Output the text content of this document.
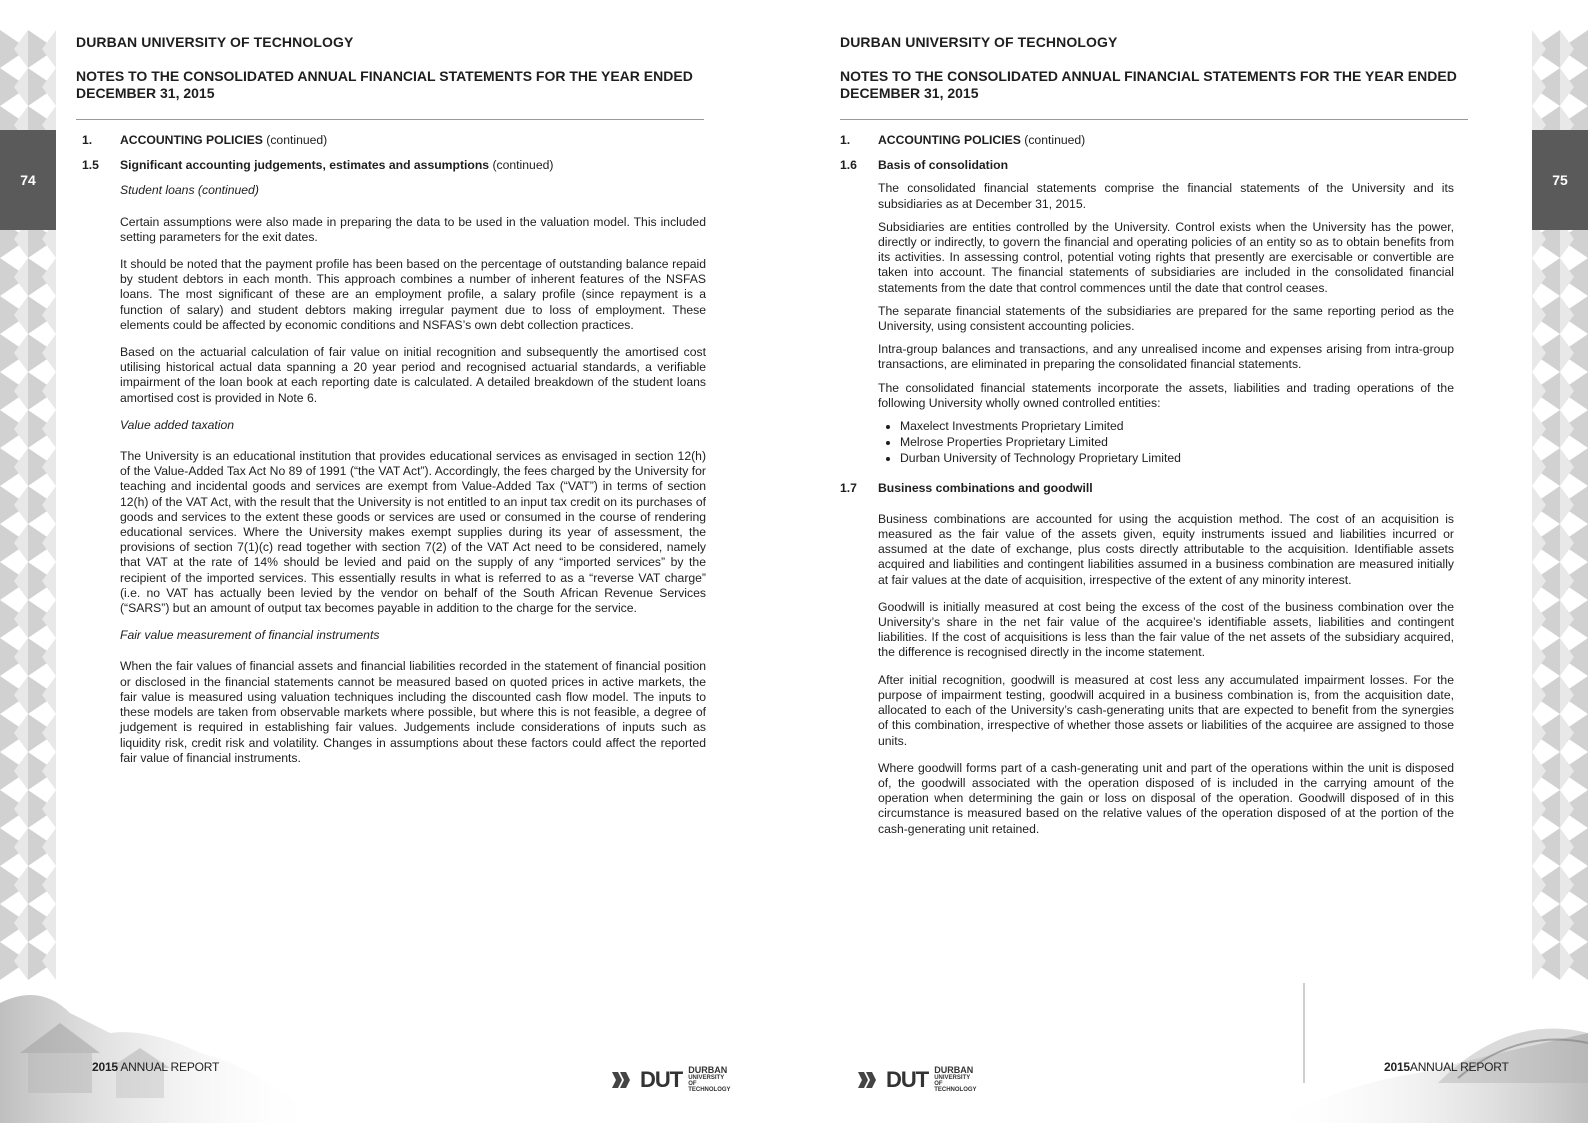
74

DURBAN UNIVERSITY OF TECHNOLOGY

NOTES TO THE CONSOLIDATED ANNUAL FINANCIAL STATEMENTS FOR THE YEAR ENDED DECEMBER 31, 2015

1.	ACCOUNTING POLICIES (continued)
1.5	Significant accounting judgements, estimates and assumptions (continued)
Student loans (continued)

Certain assumptions were also made in preparing the data to be used in the valuation model. This included setting parameters for the exit dates.

It should be noted that the payment profile has been based on the percentage of outstanding balance repaid by student debtors in each month. This approach combines a number of inherent features of the NSFAS loans. The most significant of these are an employment profile, a salary profile (since repayment is a function of salary) and student debtors making irregular payment due to loss of employment. These elements could be affected by economic conditions and NSFAS’s own debt collection practices.

Based on the actuarial calculation of fair value on initial recognition and subsequently the amortised cost utilising historical actual data spanning a 20 year period and recognised actuarial standards, a verifiable impairment of the loan book at each reporting date is calculated. A detailed breakdown of the student loans amortised cost is provided in Note 6.

Value added taxation

The University is an educational institution that provides educational services as envisaged in section 12(h) of the Value-Added Tax Act No 89 of 1991 (“the VAT Act”). Accordingly, the fees charged by the University for teaching and incidental goods and services are exempt from Value-Added Tax (“VAT”) in terms of section 12(h) of the VAT Act, with the result that the University is not entitled to an input tax credit on its purchases of goods and services to the extent these goods or services are used or consumed in the course of rendering educational services. Where the University makes exempt supplies during its year of assessment, the provisions of section 7(1)(c) read together with section 7(2) of the VAT Act need to be considered, namely that VAT at the rate of 14% should be levied and paid on the supply of any “imported services” by the recipient of the imported services. This essentially results in what is referred to as a “reverse VAT charge” (i.e. no VAT has actually been levied by the vendor on behalf of the South African Revenue Services (“SARS”) but an amount of output tax becomes payable in addition to the charge for the service.

Fair value measurement of financial instruments

When the fair values of financial assets and financial liabilities recorded in the statement of financial position or disclosed in the financial statements cannot be measured based on quoted prices in active markets, the fair value is measured using valuation techniques including the discounted cash flow model. The inputs to these models are taken from observable markets where possible, but where this is not feasible, a degree of judgement is required in establishing fair values. Judgements include considerations of inputs such as liquidity risk, credit risk and volatility. Changes in assumptions about these factors could affect the reported fair value of financial instruments.

2015 ANNUAL REPORT	DUT DURBAN
UNIVERSITY OF
TECHNOLOGY
75

DURBAN UNIVERSITY OF TECHNOLOGY

NOTES TO THE CONSOLIDATED ANNUAL FINANCIAL STATEMENTS FOR THE YEAR ENDED DECEMBER 31, 2015

1.	ACCOUNTING POLICIES (continued)
1.6	Basis of consolidation

The consolidated financial statements comprise the financial statements of the University and its subsidiaries as at December 31, 2015.

Subsidiaries are entities controlled by the University. Control exists when the University has the power, directly or indirectly, to govern the financial and operating policies of an entity so as to obtain benefits from its activities. In assessing control, potential voting rights that presently are exercisable or convertible are taken into account. The financial statements of subsidiaries are included in the consolidated financial statements from the date that control commences until the date that control ceases.

The separate financial statements of the subsidiaries are prepared for the same reporting period as the University, using consistent accounting policies.

Intra-group balances and transactions, and any unrealised income and expenses arising from intra-group transactions, are eliminated in preparing the consolidated financial statements.

The consolidated financial statements incorporate the assets, liabilities and trading operations of the following University wholly owned controlled entities:

• Maxelect Investments Proprietary Limited
• Melrose Properties Proprietary Limited
• Durban University of Technology Proprietary Limited
1.7	Business combinations and goodwill

Business combinations are accounted for using the acquistion method. The cost of an acquisition is measured as the fair value of the assets given, equity instruments issued and liabilities incurred or assumed at the date of exchange, plus costs directly attributable to the acquisition. Identifiable assets acquired and liabilities and contingent liabilities assumed in a business combination are measured initially at fair values at the date of acquisition, irrespective of the extent of any minority interest.

Goodwill is initially measured at cost being the excess of the cost of the business combination over the University’s share in the net fair value of the acquiree’s identifiable assets, liabilities and contingent liabilities. If the cost of acquisitions is less than the fair value of the net assets of the subsidiary acquired, the difference is recognised directly in the income statement.

After initial recognition, goodwill is measured at cost less any accumulated impairment losses. For the purpose of impairment testing, goodwill acquired in a business combination is, from the acquisition date, allocated to each of the University’s cash-generating units that are expected to benefit from the synergies of this combination, irrespective of whether those assets or liabilities of the acquiree are assigned to those units.

Where goodwill forms part of a cash-generating unit and part of the operations within the unit is disposed of, the goodwill associated with the operation disposed of is included in the carrying amount of the operation when determining the gain or loss on disposal of the operation. Goodwill disposed of in this circumstance is measured based on the relative values of the operation disposed of at the portion of the cash-generating unit retained.

2015ANNUAL REPORT
DUT DURBAN
UNIVERSITY OF
TECHNOLOGY
